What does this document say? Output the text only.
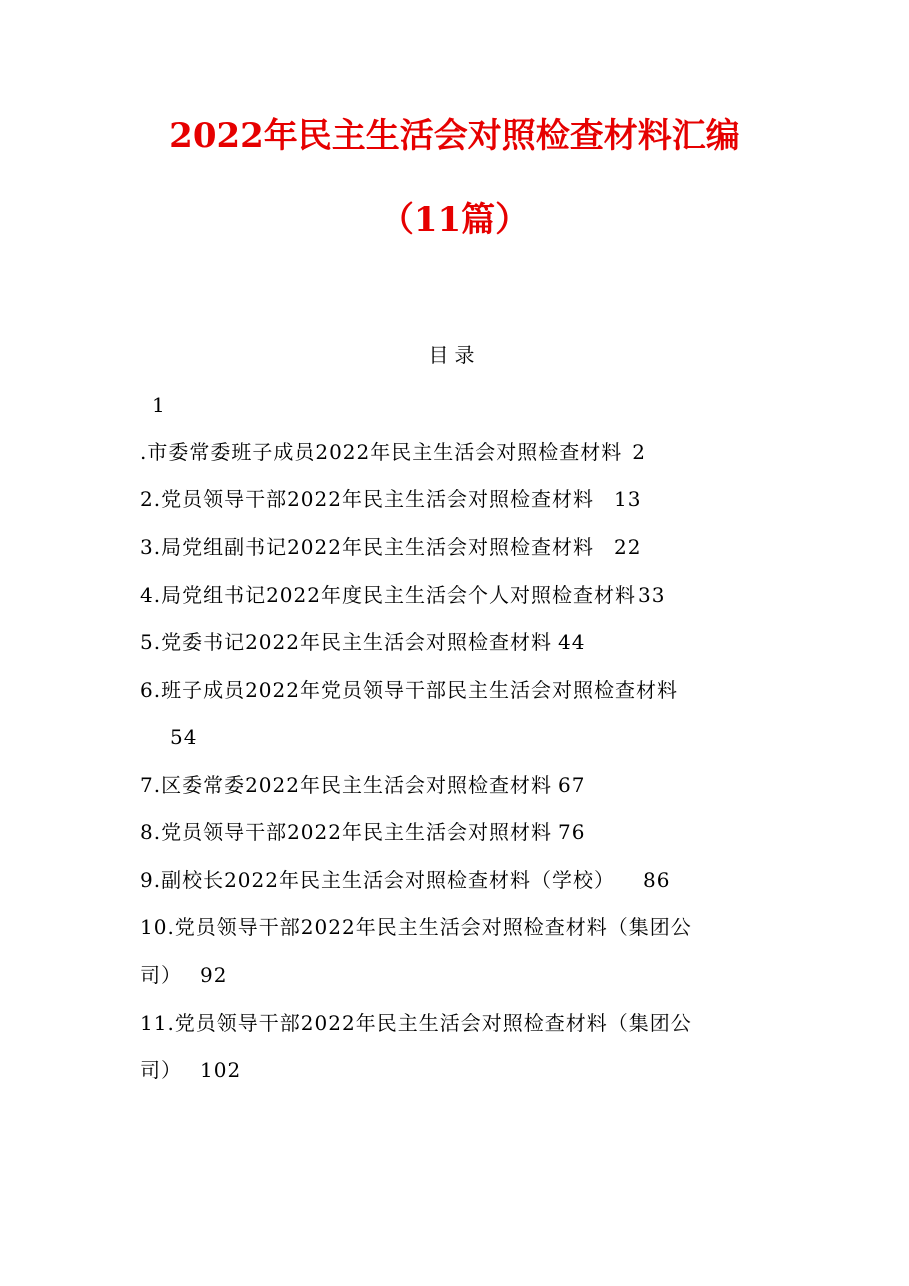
2022年民主生活会对照检查材料汇编
（11篇）
目录
1
.市委常委班子成员2022年民主生活会对照检查材料 2
2.党员领导干部2022年民主生活会对照检查材料 13
3.局党组副书记2022年民主生活会对照检查材料 22
4.局党组书记2022年度民主生活会个人对照检查材料 33
5.党委书记2022年民主生活会对照检查材料 44
6.班子成员2022年党员领导干部民主生活会对照检查材料
54
7.区委常委2022年民主生活会对照检查材料 67
8.党员领导干部2022年民主生活会对照材料 76
9.副校长2022年民主生活会对照检查材料（学校） 86
10.党员领导干部2022年民主生活会对照检查材料（集团公
司） 92
11.党员领导干部2022年民主生活会对照检查材料（集团公
司） 102
